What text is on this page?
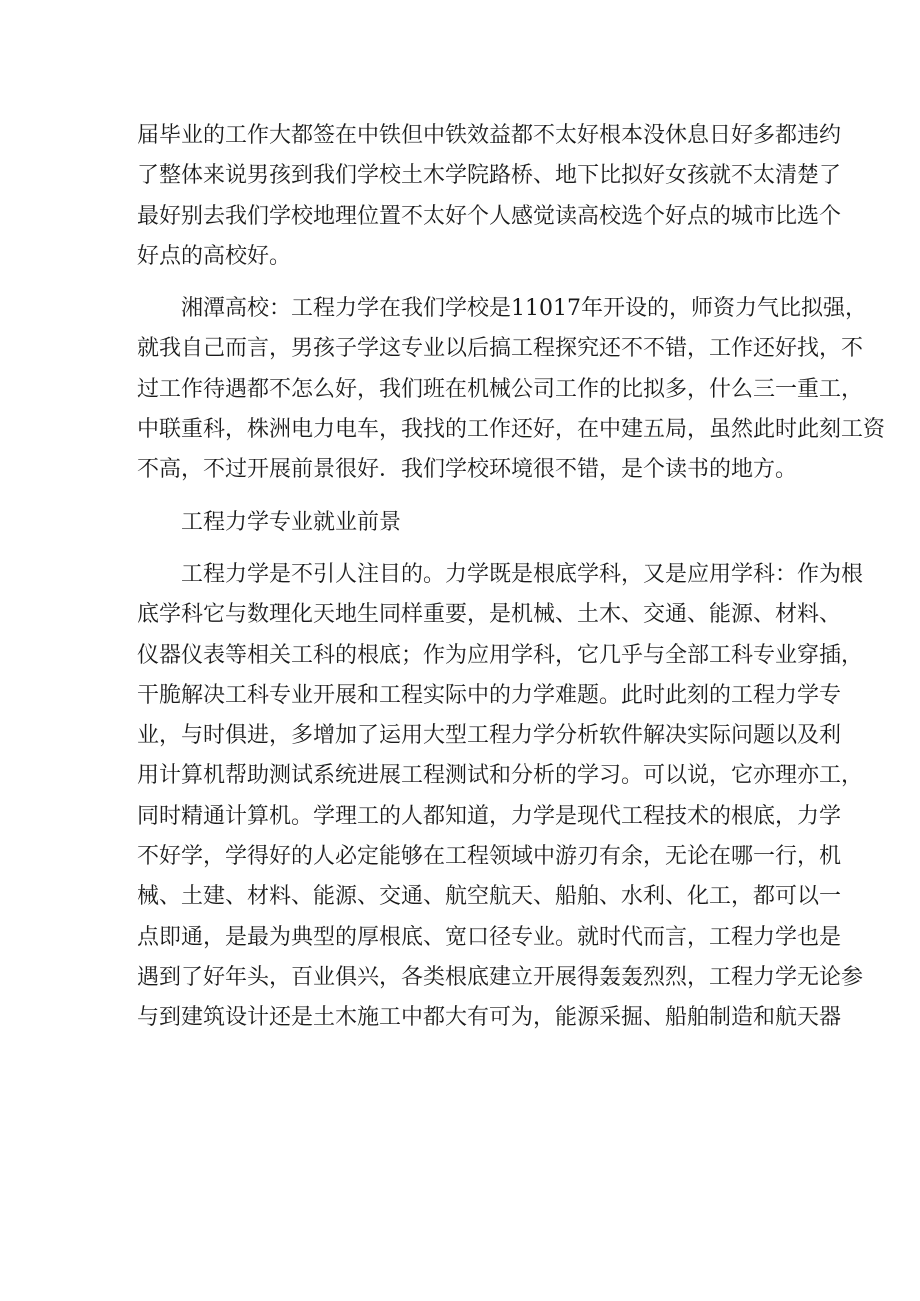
届毕业的工作大都签在中铁但中铁效益都不太好根本没休息日好多都违约
了整体来说男孩到我们学校土木学院路桥、地下比拟好女孩就不太清楚了
最好别去我们学校地理位置不太好个人感觉读高校选个好点的城市比选个
好点的高校好。
湘潭高校：工程力学在我们学校是11017年开设的，师资力气比拟强，
就我自己而言，男孩子学这专业以后搞工程探究还不不错，工作还好找，不
过工作待遇都不怎么好，我们班在机械公司工作的比拟多，什么三一重工，
中联重科，株洲电力电车，我找的工作还好，在中建五局，虽然此时此刻工资
不高，不过开展前景很好．我们学校环境很不错，是个读书的地方。
工程力学专业就业前景
工程力学是不引人注目的。力学既是根底学科，又是应用学科：作为根
底学科它与数理化天地生同样重要，是机械、土木、交通、能源、材料、
仪器仪表等相关工科的根底；作为应用学科，它几乎与全部工科专业穿插，
干脆解决工科专业开展和工程实际中的力学难题。此时此刻的工程力学专
业，与时俱进，多增加了运用大型工程力学分析软件解决实际问题以及利
用计算机帮助测试系统进展工程测试和分析的学习。可以说，它亦理亦工，
同时精通计算机。学理工的人都知道，力学是现代工程技术的根底，力学
不好学，学得好的人必定能够在工程领域中游刃有余，无论在哪一行，机
械、土建、材料、能源、交通、航空航天、船舶、水利、化工，都可以一
点即通，是最为典型的厚根底、宽口径专业。就时代而言，工程力学也是
遇到了好年头，百业俱兴，各类根底建立开展得轰轰烈烈，工程力学无论参
与到建筑设计还是土木施工中都大有可为，能源采掘、船舶制造和航天器
